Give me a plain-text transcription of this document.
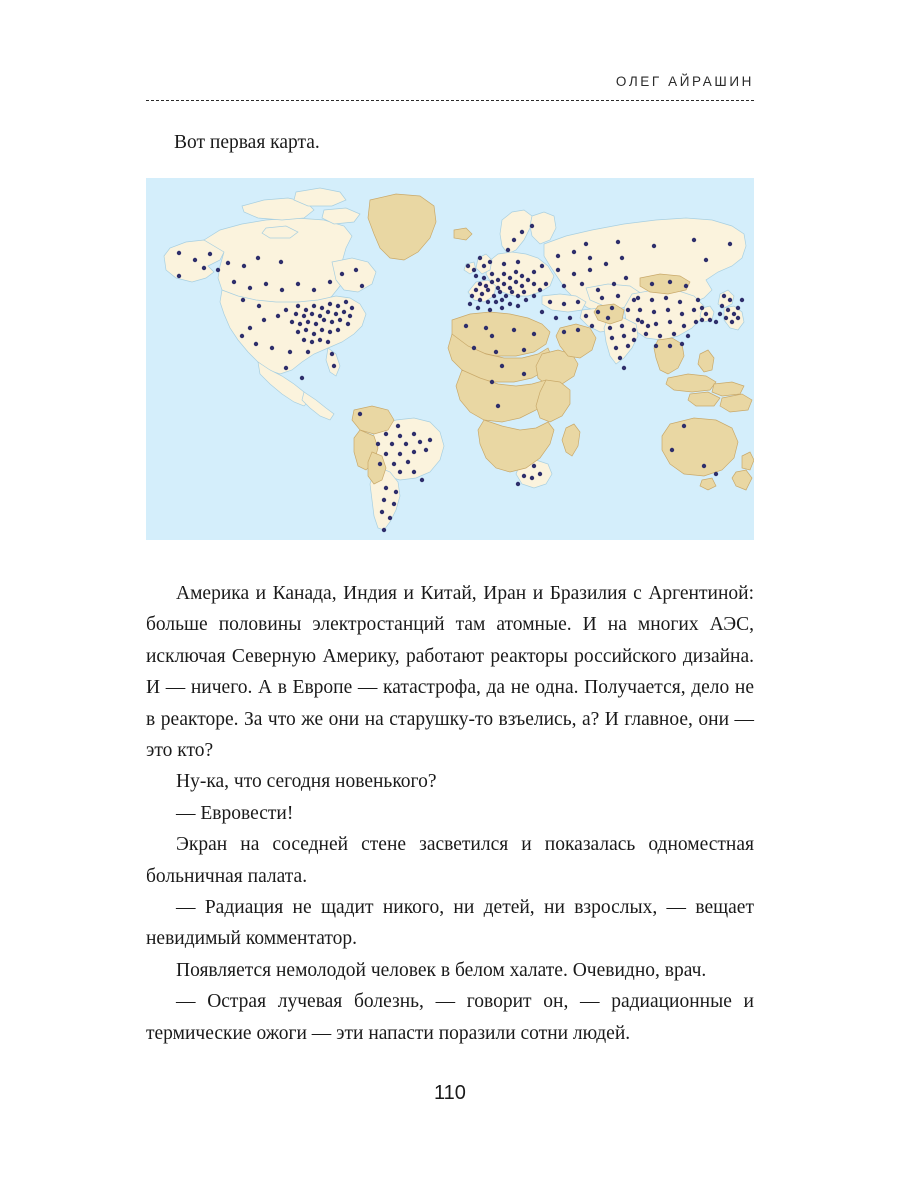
ОЛЕГ АЙРАШИН
Вот первая карта.

Америка и Канада, Индия и Китай, Иран и Бразилия с Аргентиной: больше половины электростанций там атомные. И на многих АЭС, исключая Северную Америку, работают реакторы российского дизайна. И — ничего. А в Европе — катастрофа, да не одна. Получается, дело не в реакторе. За что же они на старушку-то взъелись, а? И главное, они — это кто?

Ну-ка, что сегодня новенького?

— Евровести!

Экран на соседней стене засветился и показалась одноместная больничная палата.

— Радиация не щадит никого, ни детей, ни взрослых, — вещает невидимый комментатор.

Появляется немолодой человек в белом халате. Очевидно, врач.

— Острая лучевая болезнь, — говорит он, — радиационные и термические ожоги — эти напасти поразили сотни людей.

110
